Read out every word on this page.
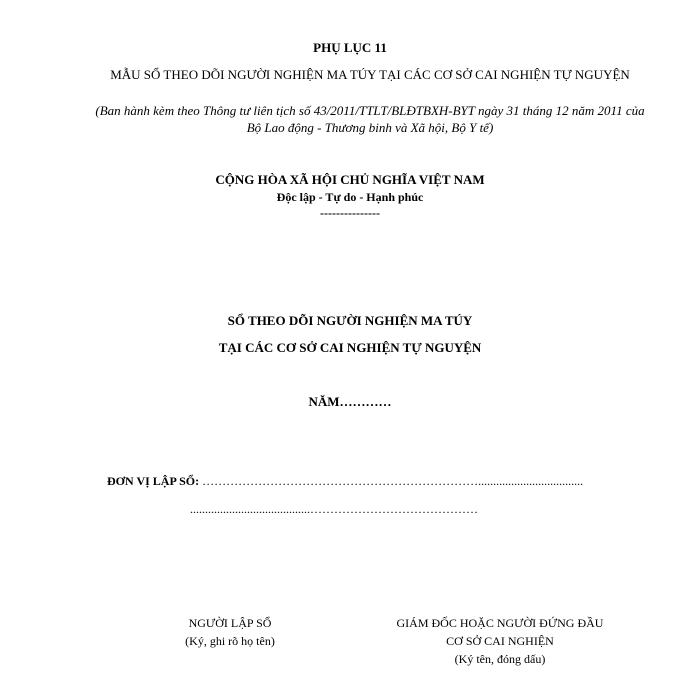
PHỤ LỤC 11
MẪU SỔ THEO DÕI NGƯỜI NGHIỆN MA TÚY TẠI CÁC CƠ SỞ CAI NGHIỆN TỰ NGUYỆN
(Ban hành kèm theo Thông tư liên tịch số 43/2011/TTLT/BLĐTBXH-BYT ngày 31 tháng 12 năm 2011 của Bộ Lao động - Thương binh và Xã hội, Bộ Y tế)
CỘNG HÒA XÃ HỘI CHỦ NGHĨA VIỆT NAM
Độc lập - Tự do - Hạnh phúc
---------------
SỔ THEO DÕI NGƯỜI NGHIỆN MA TÚY
TẠI CÁC CƠ SỞ CAI NGHIỆN TỰ NGUYỆN
NĂM…………
ĐƠN VỊ LẬP SỔ: ……………………………………………………………...................................
........................................……………………………………
NGƯỜI LẬP SỔ
(Ký, ghi rõ họ tên)
GIÁM ĐỐC HOẶC NGƯỜI ĐỨNG ĐẦU
CƠ SỞ CAI NGHIỆN
(Ký tên, đóng dấu)
